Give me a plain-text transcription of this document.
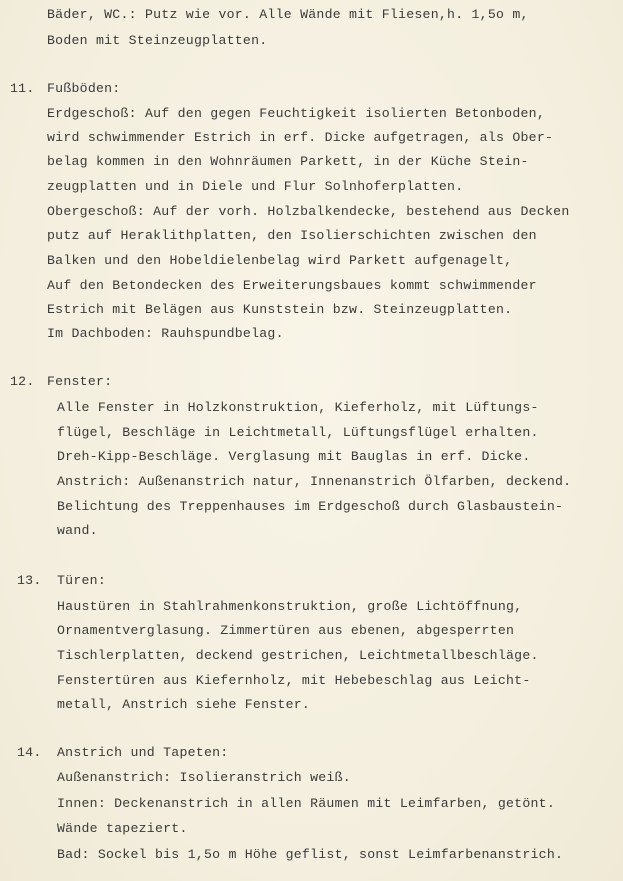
Bäder, WC.: Putz wie vor. Alle Wände mit Fliesen,h. 1,5o m,
Boden mit Steinzeugplatten.
11. Fußböden:
Erdgeschoß: Auf den gegen Feuchtigkeit isolierten Betonboden,
wird schwimmender Estrich in erf. Dicke aufgetragen, als Ober-
belag kommen in den Wohnräumen Parkett, in der Küche Stein-
zeugplatten und in Diele und Flur Solnhoferplatten.
Obergeschoß: Auf der vorh. Holzbalkendecke, bestehend aus Decken
putz auf Heraklithplatten, den Isolierschichten zwischen den
Balken und den Hobeldielenbelag wird Parkett aufgenagelt,
Auf den Betondecken des Erweiterungsbaues kommt schwimmender
Estrich mit Belägen aus Kunststein bzw. Steinzeugplatten.
Im Dachboden: Rauhspundbelag.
12. Fenster:
Alle Fenster in Holzkonstruktion, Kieferholz, mit Lüftungs-
flügel, Beschläge in Leichtmetall, Lüftungsflügel erhalten.
Dreh-Kipp-Beschläge. Verglasung mit Bauglas in erf. Dicke.
Anstrich: Außenanstrich natur, Innenanstrich Ölfarben, deckend.
Belichtung des Treppenhauses im Erdgeschoß durch Glasbaustein-
wand.
13. Türen:
Haustüren in Stahlrahmenkonstruktion, große Lichtöffnung,
Ornamentverglasung. Zimmertüren aus ebenen, abgesperrten
Tischlerplatten, deckend gestrichen, Leichtmetallbeschläge.
Fenstertüren aus Kiefernholz, mit Hebebeschlag aus Leicht-
metall, Anstrich siehe Fenster.
14. Anstrich und Tapeten:
Außenanstrich: Isolieranstrich weiß.
Innen: Deckenanstrich in allen Räumen mit Leimfarben, getönt.
Wände tapeziert.
Bad: Sockel bis 1,5o m Höhe geflist, sonst Leimfarbenanstrich.
